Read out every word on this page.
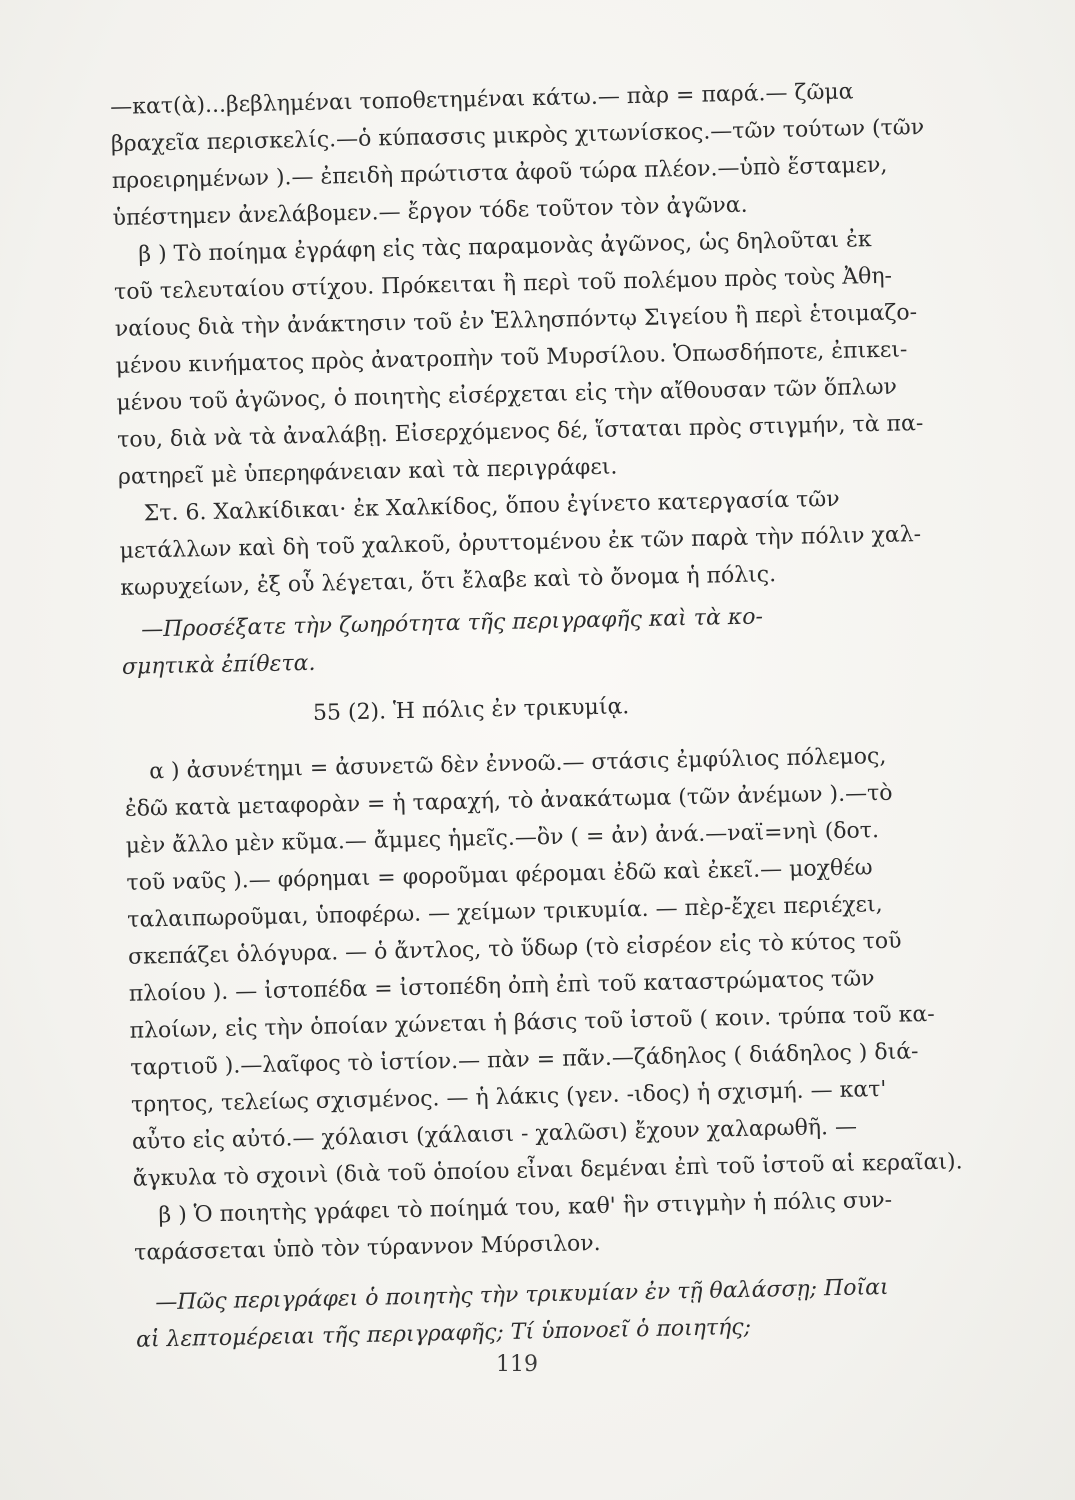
—κατ(ὰ)...βεβλημέναι τοποθετημέναι κάτω.— πὰρ = παρά.— ζῶμα
βραχεῖα περισκελίς.—ὁ κύπασσις μικρὸς χιτωνίσκος.—τῶν τούτων (τῶν
προειρημένων ).— ἐπειδὴ πρώτιστα ἀφοῦ τώρα πλέον.—ὑπὸ ἕσταμεν,
ὑπέστημεν ἀνελάβομεν.— ἔργον τόδε τοῦτον τὸν ἀγῶνα.
β ) Τὸ ποίημα ἐγράφη εἰς τὰς παραμονὰς ἀγῶνος, ὡς δηλοῦται ἐκ
τοῦ τελευταίου στίχου. Πρόκειται ἢ περὶ τοῦ πολέμου πρὸς τοὺς Ἀθη-
ναίους διὰ τὴν ἀνάκτησιν τοῦ ἐν Ἑλλησπόντῳ Σιγείου ἢ περὶ ἑτοιμαζο-
μένου κινήματος πρὸς ἀνατροπὴν τοῦ Μυρσίλου. Ὁπωσδήποτε, ἐπικει-
μένου τοῦ ἀγῶνος, ὁ ποιητὴς εἰσέρχεται εἰς τὴν αἴθουσαν τῶν ὅπλων
του, διὰ νὰ τὰ ἀναλάβῃ. Εἰσερχόμενος δέ, ἵσταται πρὸς στιγμήν, τὰ πα-
ρατηρεῖ μὲ ὑπερηφάνειαν καὶ τὰ περιγράφει.
Στ. 6. Χαλκίδικαι· ἐκ Χαλκίδος, ὅπου ἐγίνετο κατεργασία τῶν
μετάλλων καὶ δὴ τοῦ χαλκοῦ, ὀρυττομένου ἐκ τῶν παρὰ τὴν πόλιν χαλ-
κωρυχείων, ἐξ οὗ λέγεται, ὅτι ἔλαβε καὶ τὸ ὄνομα ἡ πόλις.
—Προσέξατε τὴν ζωηρότητα τῆς περιγραφῆς καὶ τὰ κο-
σμητικὰ ἐπίθετα.
55 (2). Ἡ πόλις ἐν τρικυμίᾳ.
α ) ἀσυνέτημι = ἀσυνετῶ δὲν ἐννοῶ.— στάσις ἐμφύλιος πόλεμος,
ἐδῶ κατὰ μεταφορὰν = ἡ ταραχή, τὸ ἀνακάτωμα (τῶν ἀνέμων ).—τὸ
μὲν ἄλλο μὲν κῦμα.— ἄμμες ἡμεῖς.—ὂν ( = ἀν) ἀνά.—ναϊ=νηὶ (δοτ.
τοῦ ναῦς ).— φόρημαι = φοροῦμαι φέρομαι ἐδῶ καὶ ἐκεῖ.— μοχθέω
ταλαιπωροῦμαι, ὑποφέρω. — χείμων τρικυμία. — πὲρ-ἔχει περιέχει,
σκεπάζει ὁλόγυρα. — ὁ ἄντλος, τὸ ὕδωρ (τὸ εἰσρέον εἰς τὸ κύτος τοῦ
πλοίου ). — ἰστοπέδα = ἰστοπέδη ὀπὴ ἐπὶ τοῦ καταστρώματος τῶν
πλοίων, εἰς τὴν ὁποίαν χώνεται ἡ βάσις τοῦ ἰστοῦ ( κοιν. τρύπα τοῦ κα-
ταρτιοῦ ).—λαῖφος τὸ ἱστίον.— πὰν = πᾶν.—ζάδηλος ( διάδηλος ) διά-
τρητος, τελείως σχισμένος. — ἡ λάκις (γεν. -ιδος) ἡ σχισμή. — κατ'
αὖτο εἰς αὐτό.— χόλαισι (χάλαισι - χαλῶσι) ἔχουν χαλαρωθῆ. —
ἄγκυλα τὸ σχοινὶ (διὰ τοῦ ὁποίου εἶναι δεμέναι ἐπὶ τοῦ ἰστοῦ αἱ κεραῖαι).
β ) Ὁ ποιητὴς γράφει τὸ ποίημά του, καθ' ἣν στιγμὴν ἡ πόλις συν-
ταράσσεται ὑπὸ τὸν τύραννον Μύρσιλον.
—Πῶς περιγράφει ὁ ποιητὴς τὴν τρικυμίαν ἐν τῇ θαλάσσῃ; Ποῖαι
αἱ λεπτομέρειαι τῆς περιγραφῆς; Τί ὑπονοεῖ ὁ ποιητής;
119
